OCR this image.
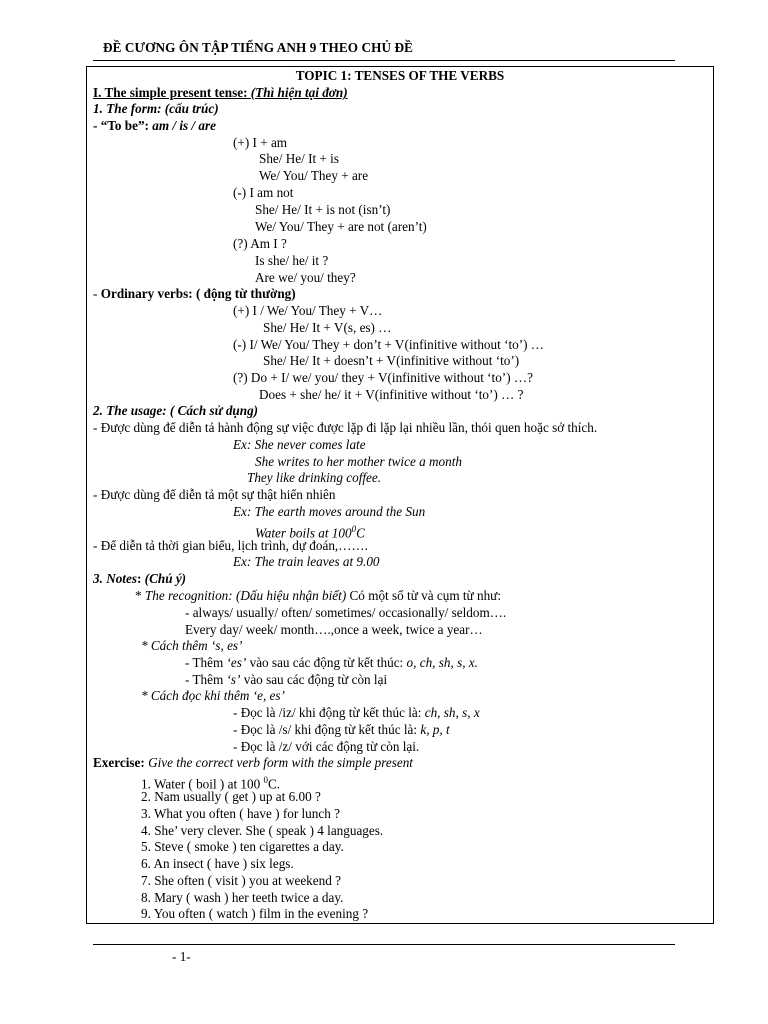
ĐỀ CƯƠNG ÔN TẬP TIẾNG ANH 9 THEO CHỦ ĐỀ
TOPIC 1: TENSES OF THE VERBS
I. The simple present tense: (Thì hiện tại đơn)
1. The form: (cấu trúc)
- “To be”: am / is / are
(+) I + am
She/ He/ It + is
We/ You/ They + are
(-) I am not
She/ He/ It + is not (isn’t)
We/ You/ They + are not (aren’t)
(?) Am I ?
Is she/ he/ it ?
Are we/ you/ they?
- Ordinary verbs: ( động từ thường)
(+) I / We/ You/ They + V…
She/ He/ It + V(s, es) …
(-) I/ We/ You/ They + don’t + V(infinitive without ‘to’) …
She/ He/ It + doesn’t + V(infinitive without ‘to’)
(?) Do + I/ we/ you/ they + V(infinitive without ‘to’) …?
Does + she/ he/ it + V(infinitive without ‘to’) … ?
2. The usage: ( Cách sử dụng)
- Được dùng để diễn tả hành động sự việc được lặp đi lặp lại nhiều lần, thói quen hoặc sở thích.
Ex: She never comes late
She writes to her mother twice a month
They like drinking coffee.
- Được dùng để diễn tả một sự thật hiển nhiên
Ex: The earth moves around the Sun
Water boils at $100^0C$
- Để diễn tả thời gian biểu, lịch trình, dự đoán,…….
Ex: The train leaves at 9.00
3. Notes: (Chú ý)
* The recognition: (Dấu hiệu nhận biết) Có một số từ và cụm từ như:
- always/ usually/ often/ sometimes/ occasionally/ seldom….
Every day/ week/ month….,once a week, twice a year…
* Cách thêm ‘s, es’
- Thêm ‘es’ vào sau các động từ kết thúc: o, ch, sh, s, x.
- Thêm ‘s’ vào sau các động từ còn lại
* Cách đọc khi thêm ‘e, es’
- Đọc là /iz/ khi động từ kết thúc là: ch, sh, s, x
- Đọc là /s/ khi động từ kết thúc là: k, p, t
- Đọc là /z/ với các động từ còn lại.
Exercise: Give the correct verb form with the simple present
1. Water ( boil ) at 100 $^0$C.
2. Nam usually ( get ) up at 6.00 ?
3. What you often ( have ) for lunch ?
4. She’ very clever. She ( speak ) 4 languages.
5. Steve ( smoke ) ten cigarettes a day.
6. An insect ( have ) six legs.
7. She often ( visit ) you at weekend ?
8. Mary ( wash ) her teeth twice a day.
9. You often ( watch ) film in the evening ?
- 1-
